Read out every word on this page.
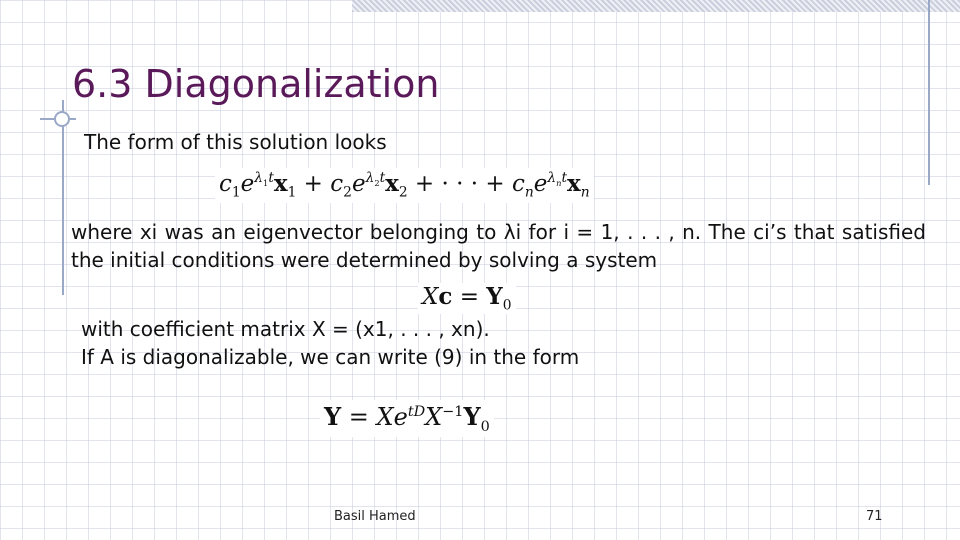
6.3 Diagonalization
The form of this solution looks
$c_1e^{\lambda_1t}x_1 + c_2e^{\lambda_2t}x_2$ + · · · + $c_ne^{\lambda_nt}x_n$
where xi was an eigenvector belonging to λi for i = 1, . . . , n. The ci’s that satisfied the initial conditions were determined by solving a system
$Xc = Y_0$
with coefficient matrix X = (x1, . . . , xn).
If A is diagonalizable, we can write (9) in the form
$Y = Xe^{tD}X^{-1}Y_0$
Basil Hamed	71
